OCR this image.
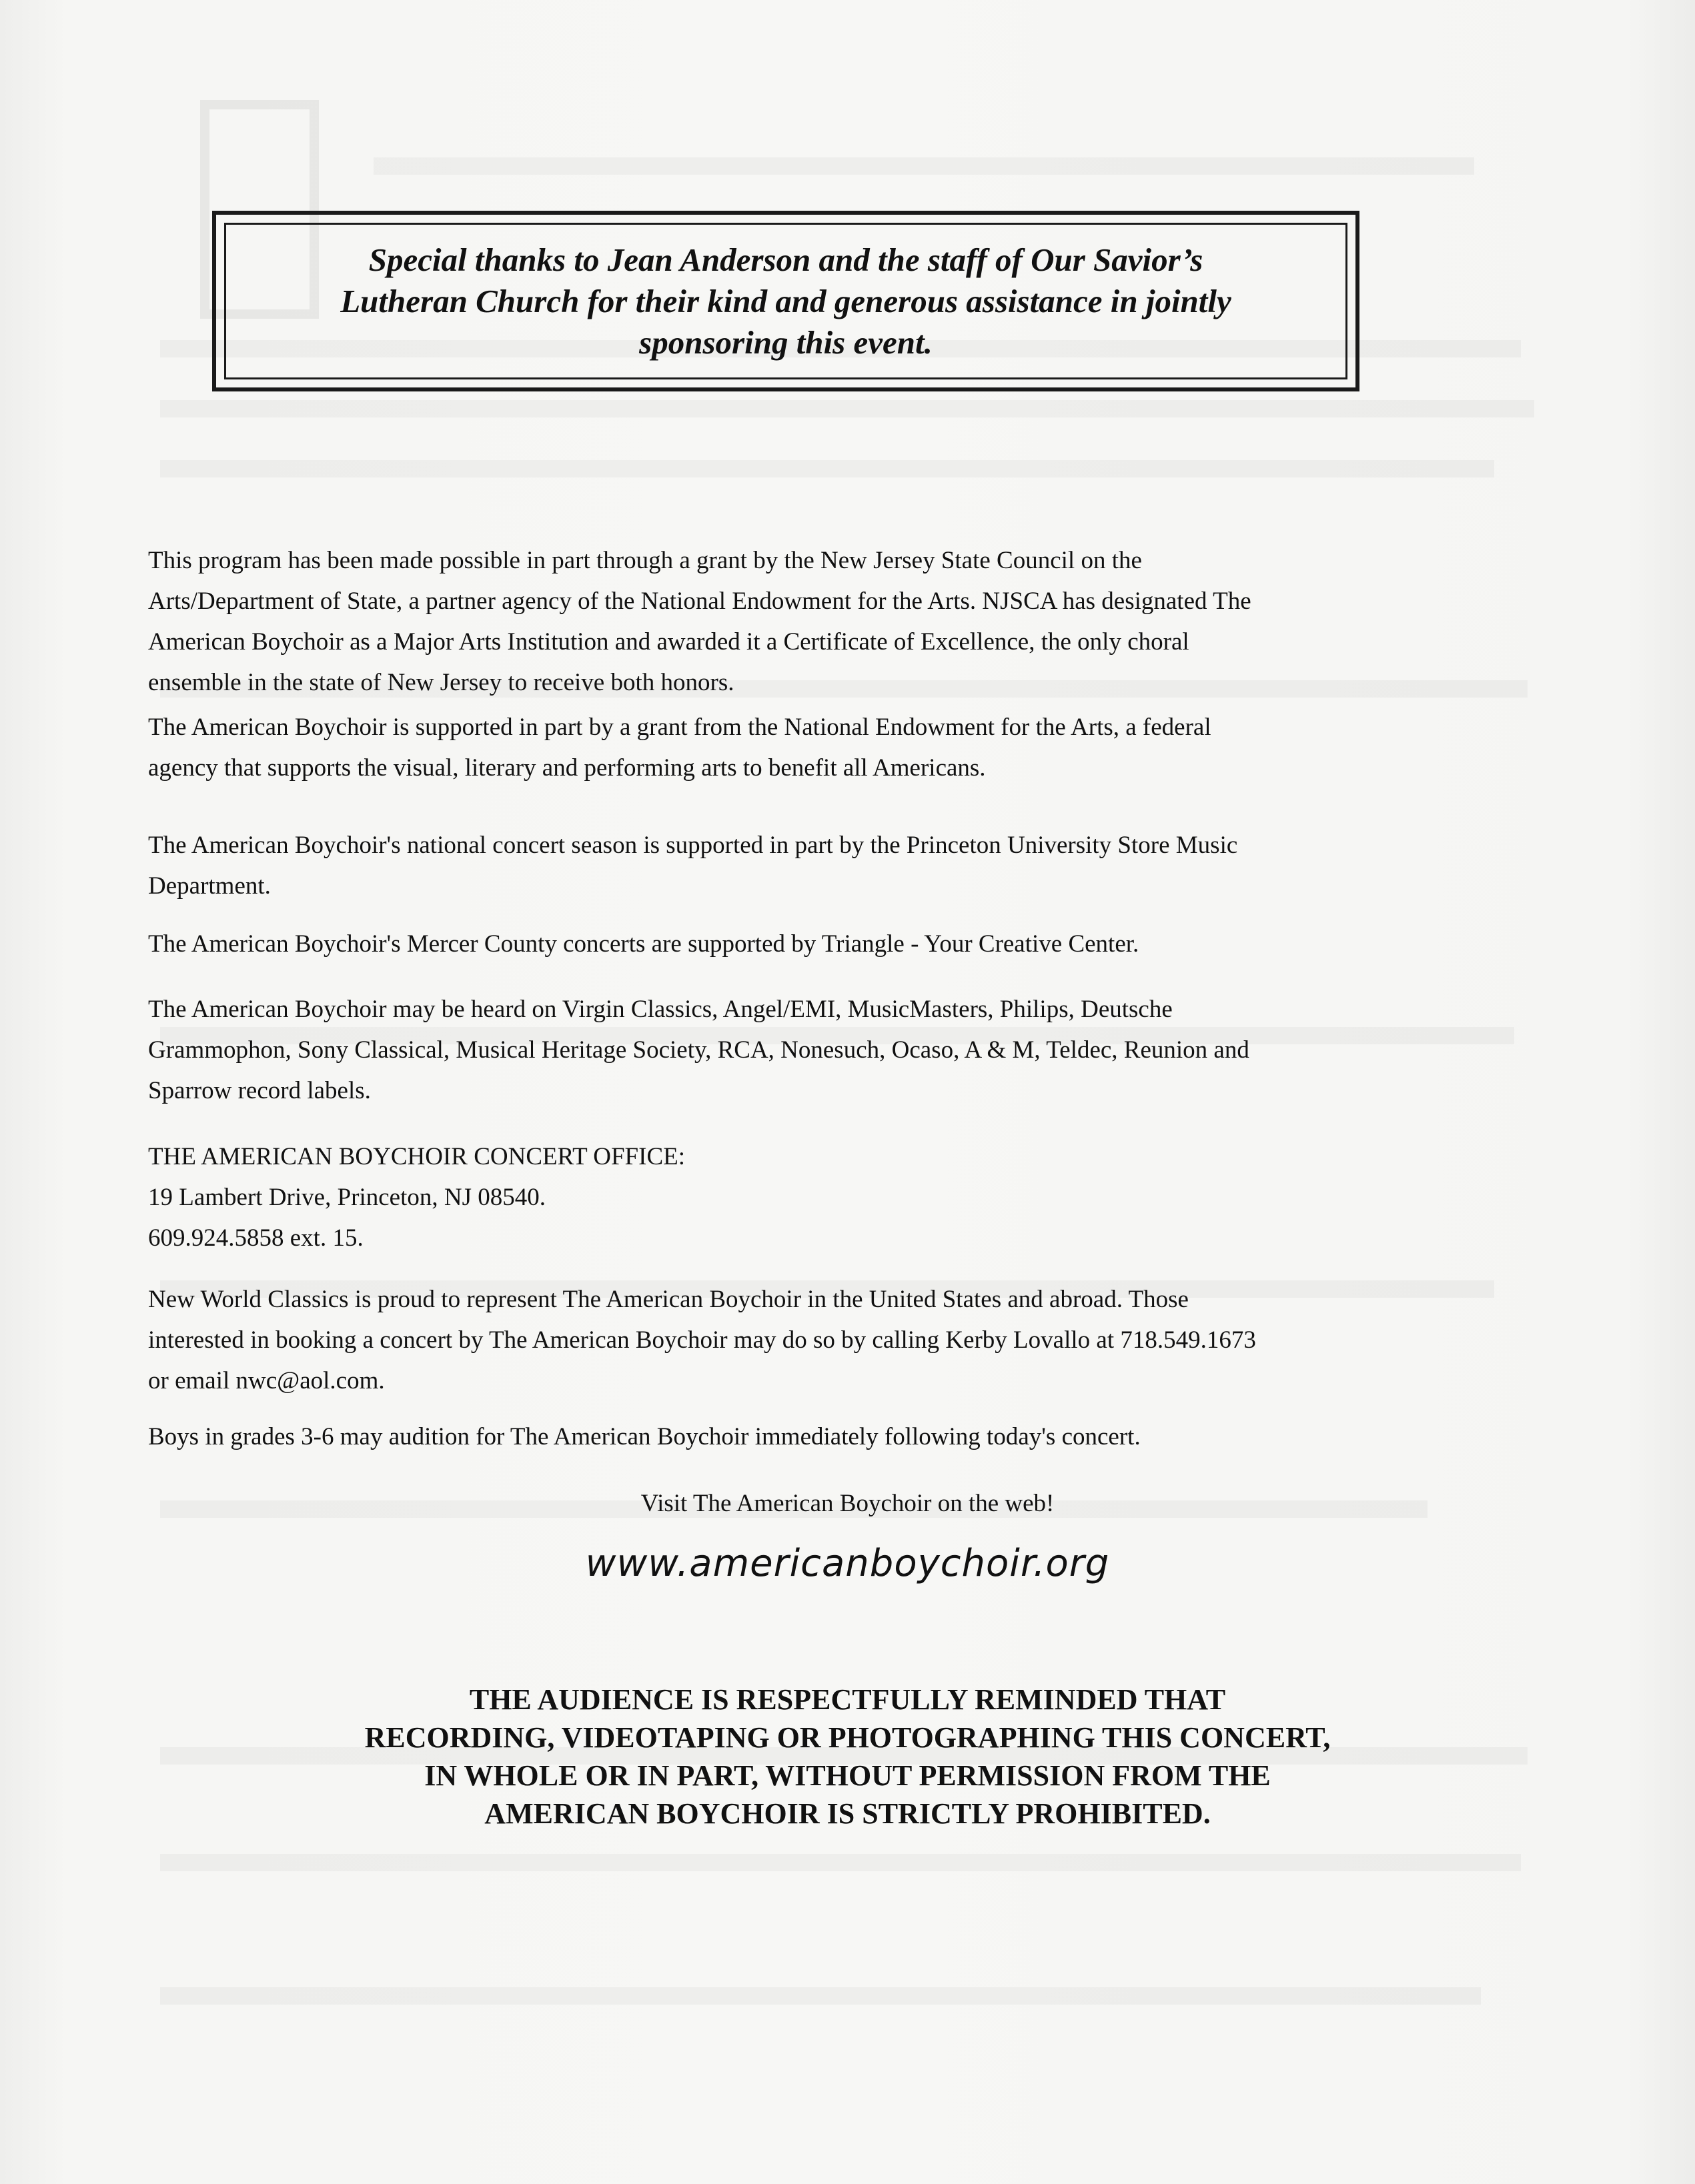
Special thanks to Jean Anderson and the staff of Our Savior’s
Lutheran Church for their kind and generous assistance in jointly
sponsoring this event.
This program has been made possible in part through a grant by the New Jersey State Council on the
Arts/Department of State, a partner agency of the National Endowment for the Arts. NJSCA has designated The
American Boychoir as a Major Arts Institution and awarded it a Certificate of Excellence, the only choral
ensemble in the state of New Jersey to receive both honors.
The American Boychoir is supported in part by a grant from the National Endowment for the Arts, a federal
agency that supports the visual, literary and performing arts to benefit all Americans.
The American Boychoir's national concert season is supported in part by the Princeton University Store Music
Department.
The American Boychoir's Mercer County concerts are supported by Triangle - Your Creative Center.
The American Boychoir may be heard on Virgin Classics, Angel/EMI, MusicMasters, Philips, Deutsche
Grammophon, Sony Classical, Musical Heritage Society, RCA, Nonesuch, Ocaso, A & M, Teldec, Reunion and
Sparrow record labels.
THE AMERICAN BOYCHOIR CONCERT OFFICE:
19 Lambert Drive, Princeton, NJ 08540.
609.924.5858 ext. 15.
New World Classics is proud to represent The American Boychoir in the United States and abroad. Those
interested in booking a concert by The American Boychoir may do so by calling Kerby Lovallo at 718.549.1673
or email nwc@aol.com.
Boys in grades 3-6 may audition for The American Boychoir immediately following today's concert.
Visit The American Boychoir on the web!
www.americanboychoir.org
THE AUDIENCE IS RESPECTFULLY REMINDED THAT
RECORDING, VIDEOTAPING OR PHOTOGRAPHING THIS CONCERT,
IN WHOLE OR IN PART, WITHOUT PERMISSION FROM THE
AMERICAN BOYCHOIR IS STRICTLY PROHIBITED.
